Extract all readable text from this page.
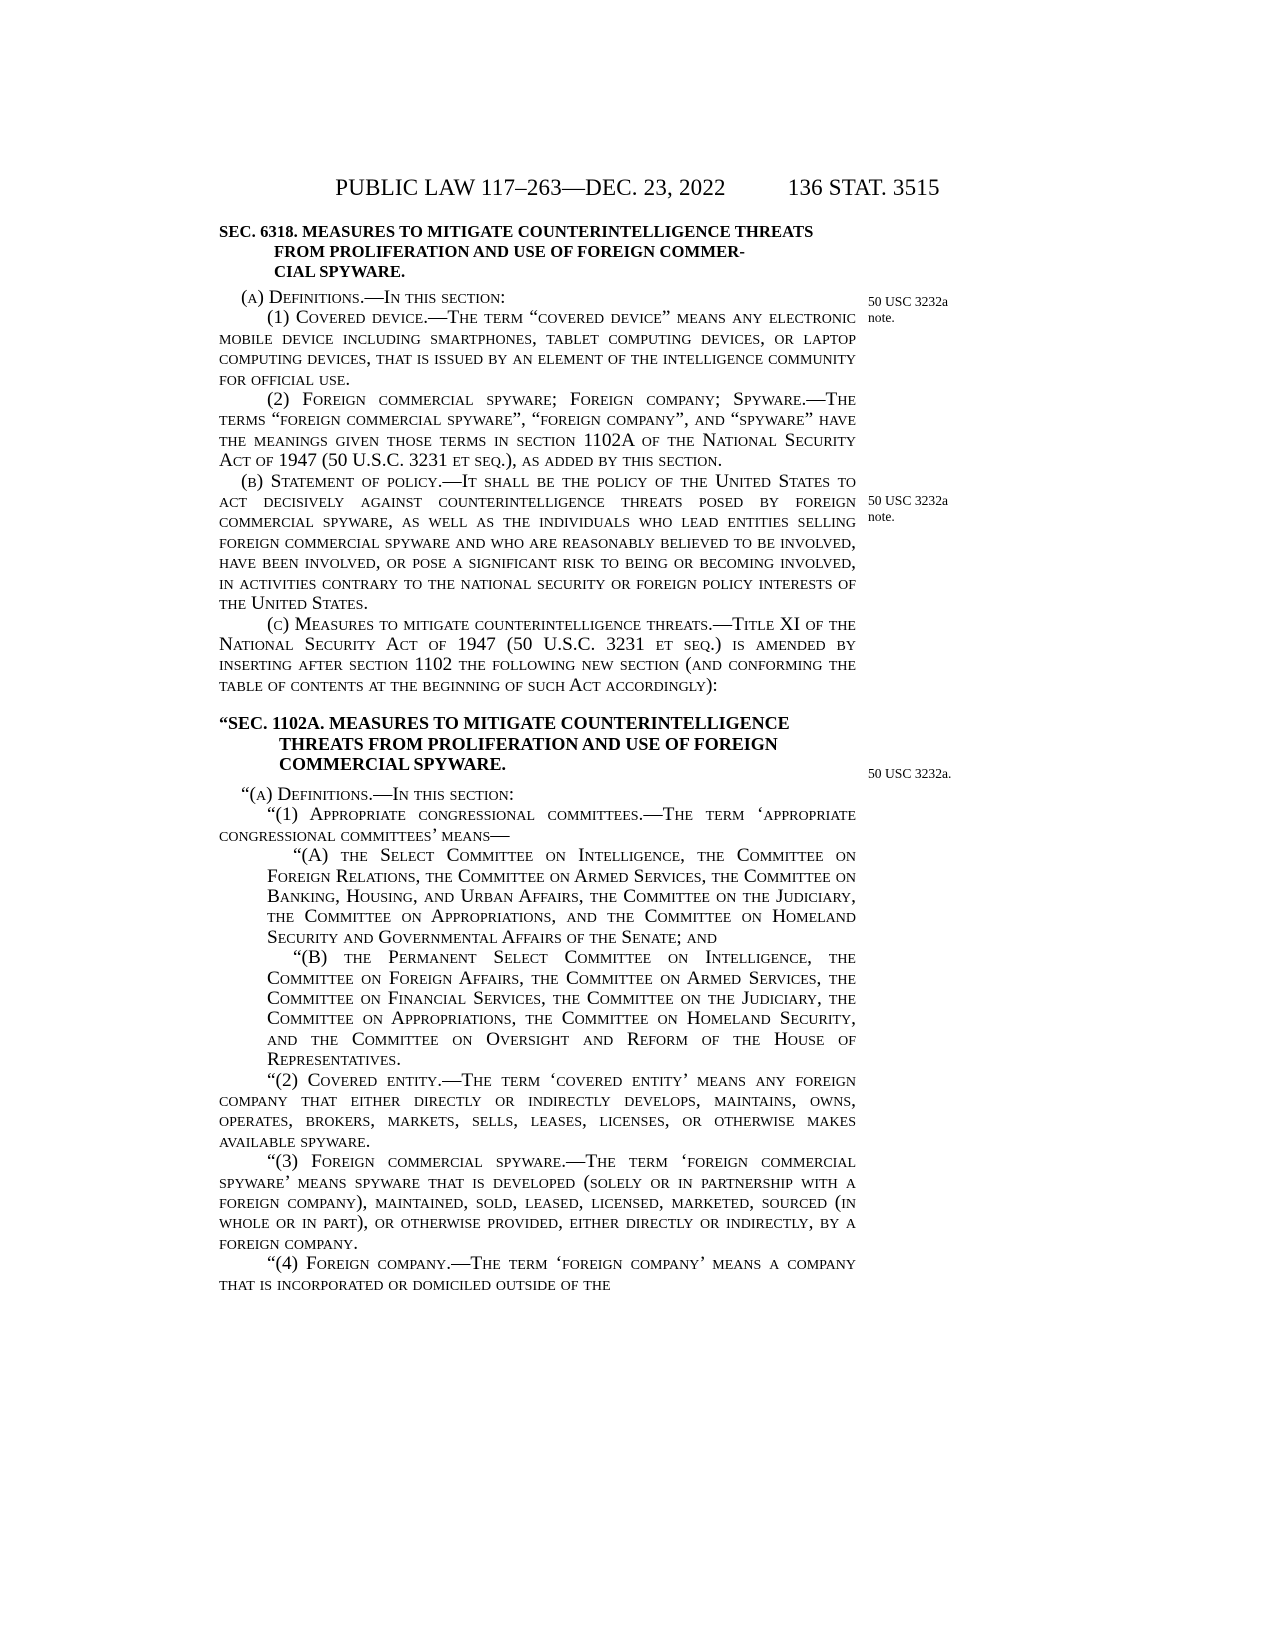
PUBLIC LAW 117–263—DEC. 23, 2022	136 STAT. 3515
SEC. 6318. MEASURES TO MITIGATE COUNTERINTELLIGENCE THREATS
FROM PROLIFERATION AND USE OF FOREIGN COMMER-
CIAL SPYWARE.

(a) Definitions.—In this section:

(1) Covered device.—The term “covered device” means any electronic mobile device including smartphones, tablet computing devices, or laptop computing devices, that is issued by an element of the intelligence community for official use.

(2) Foreign commercial spyware; Foreign company; Spyware.—The terms “foreign commercial spyware”, “foreign company”, and “spyware” have the meanings given those terms in section 1102A of the National Security Act of 1947 (50 U.S.C. 3231 et seq.), as added by this section.

(b) Statement of policy.—It shall be the policy of the United States to act decisively against counterintelligence threats posed by foreign commercial spyware, as well as the individuals who lead entities selling foreign commercial spyware and who are reasonably believed to be involved, have been involved, or pose a significant risk to being or becoming involved, in activities contrary to the national security or foreign policy interests of the United States.

(c) Measures to mitigate counterintelligence threats.—Title XI of the National Security Act of 1947 (50 U.S.C. 3231 et seq.) is amended by inserting after section 1102 the following new section (and conforming the table of contents at the beginning of such Act accordingly):

“SEC. 1102A. MEASURES TO MITIGATE COUNTERINTELLIGENCE
THREATS FROM PROLIFERATION AND USE OF FOREIGN
COMMERCIAL SPYWARE.

“(a) Definitions.—In this section:

“(1) Appropriate congressional committees.—The term ‘appropriate congressional committees’ means—

“(A) the Select Committee on Intelligence, the Committee on Foreign Relations, the Committee on Armed Services, the Committee on Banking, Housing, and Urban Affairs, the Committee on the Judiciary, the Committee on Appropriations, and the Committee on Homeland Security and Governmental Affairs of the Senate; and

“(B) the Permanent Select Committee on Intelligence, the Committee on Foreign Affairs, the Committee on Armed Services, the Committee on Financial Services, the Committee on the Judiciary, the Committee on Appropriations, the Committee on Homeland Security, and the Committee on Oversight and Reform of the House of Representatives.

“(2) Covered entity.—The term ‘covered entity’ means any foreign company that either directly or indirectly develops, maintains, owns, operates, brokers, markets, sells, leases, licenses, or otherwise makes available spyware.

“(3) Foreign commercial spyware.—The term ‘foreign commercial spyware’ means spyware that is developed (solely or in partnership with a foreign company), maintained, sold, leased, licensed, marketed, sourced (in whole or in part), or otherwise provided, either directly or indirectly, by a foreign company.

“(4) Foreign company.—The term ‘foreign company’ means a company that is incorporated or domiciled outside of the

50 USC 3232a
note.
50 USC 3232a
note.
50 USC 3232a.
